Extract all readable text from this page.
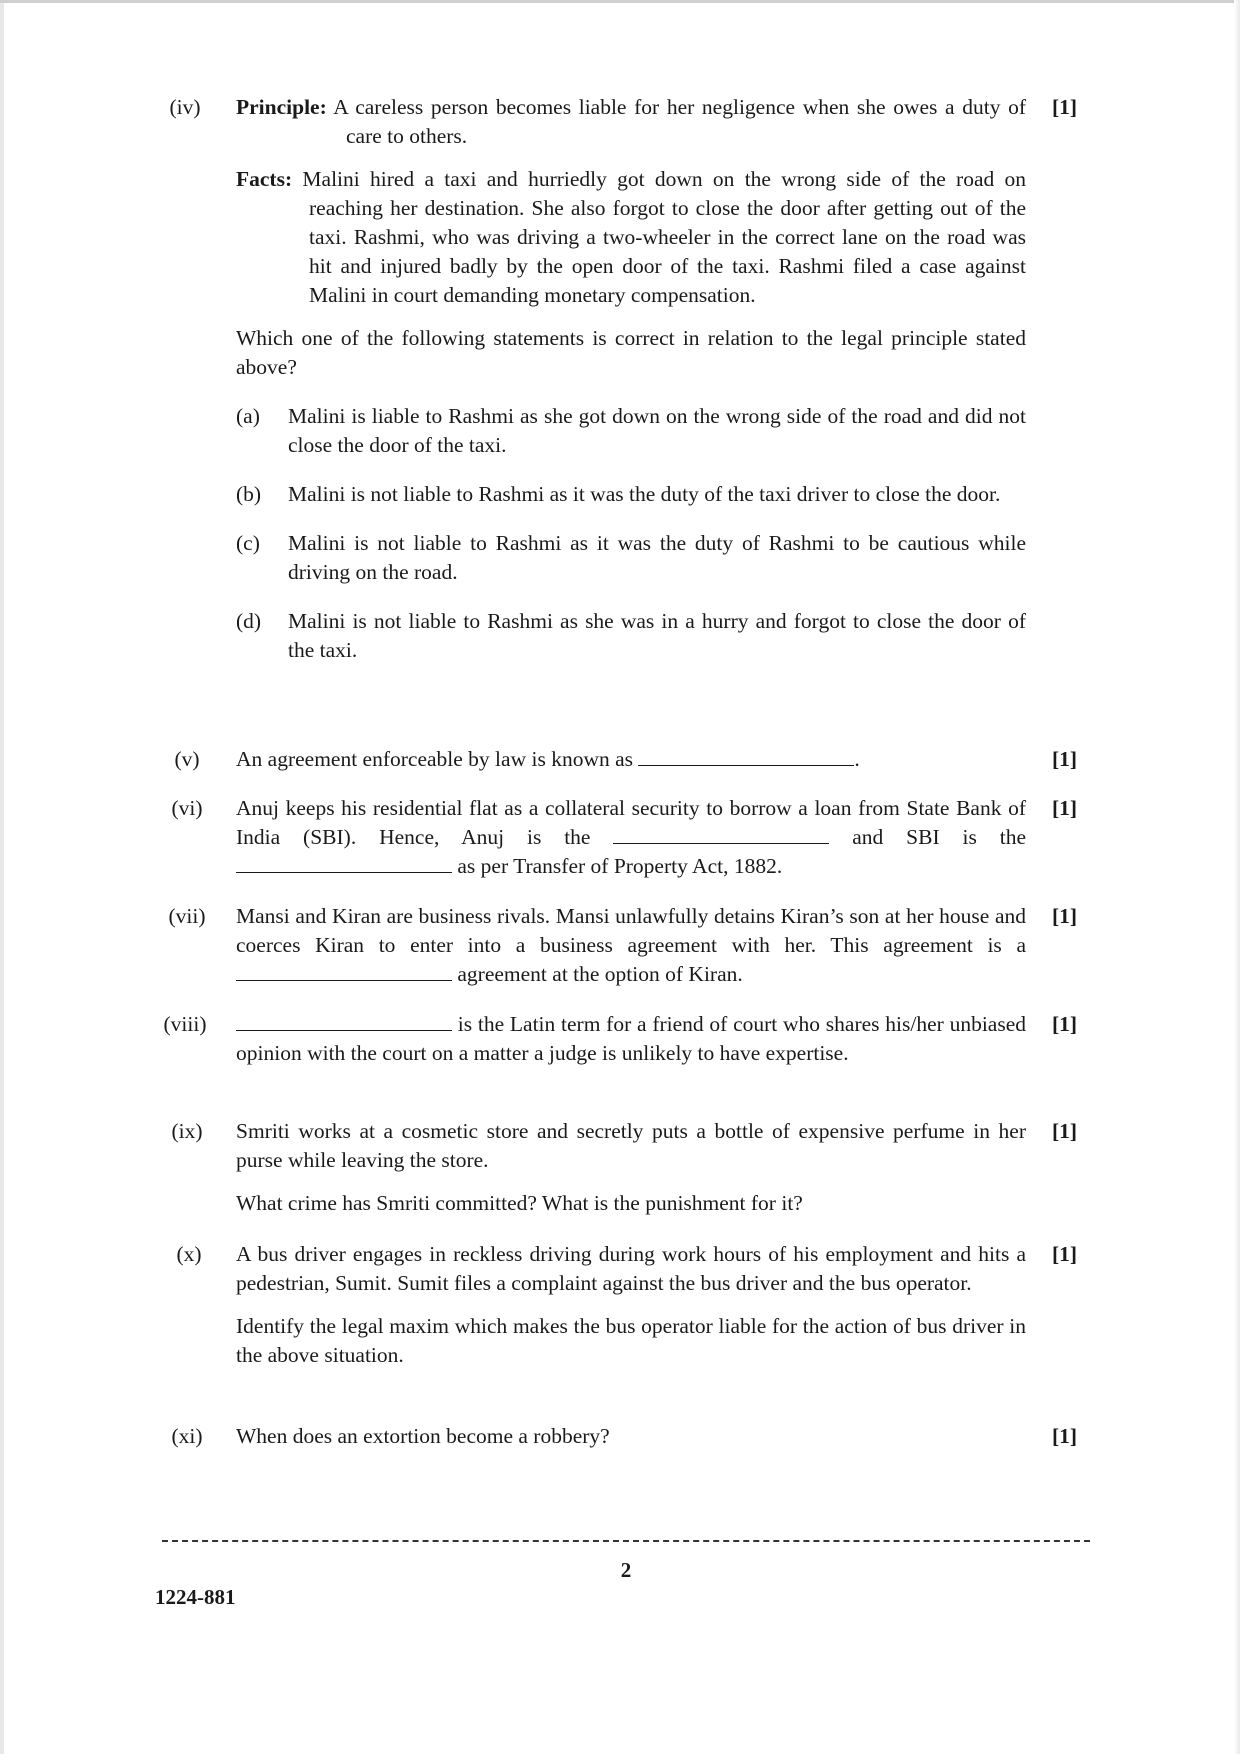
(iv)	[1]

Principle: A careless person becomes liable for her negligence when she owes a duty of care to others.

Facts: Malini hired a taxi and hurriedly got down on the wrong side of the road on reaching her destination. She also forgot to close the door after getting out of the taxi. Rashmi, who was driving a two-wheeler in the correct lane on the road was hit and injured badly by the open door of the taxi. Rashmi filed a case against Malini in court demanding monetary compensation.

Which one of the following statements is correct in relation to the legal principle stated above?

(a) Malini is liable to Rashmi as she got down on the wrong side of the road and did not close the door of the taxi.
(b) Malini is not liable to Rashmi as it was the duty of the taxi driver to close the door.
(c) Malini is not liable to Rashmi as it was the duty of Rashmi to be cautious while driving on the road.
(d) Malini is not liable to Rashmi as she was in a hurry and forgot to close the door of the taxi.
(v)	[1]

An agreement enforceable by law is known as	.

(vi)	[1]

Anuj keeps his residential flat as a collateral security to borrow a loan from State Bank of India (SBI). Hence, Anuj is the	and SBI is the  as per Transfer of Property Act, 1882.

(vii)	[1]

Mansi and Kiran are business rivals. Mansi unlawfully detains Kiran’s son at her house and coerces Kiran to enter into a business agreement with her. This agreement is a  agreement at the option of Kiran.

(viii)	[1]

is the Latin term for a friend of court who shares his/her unbiased opinion with the court on a matter a judge is unlikely to have expertise.

(ix)	[1]

Smriti works at a cosmetic store and secretly puts a bottle of expensive perfume in her purse while leaving the store.

What crime has Smriti committed? What is the punishment for it?

(x)	[1]

A bus driver engages in reckless driving during work hours of his employment and hits a pedestrian, Sumit. Sumit files a complaint against the bus driver and the bus operator.

Identify the legal maxim which makes the bus operator liable for the action of bus driver in the above situation.

(xi)	[1]

When does an extortion become a robbery?

2
1224-881
